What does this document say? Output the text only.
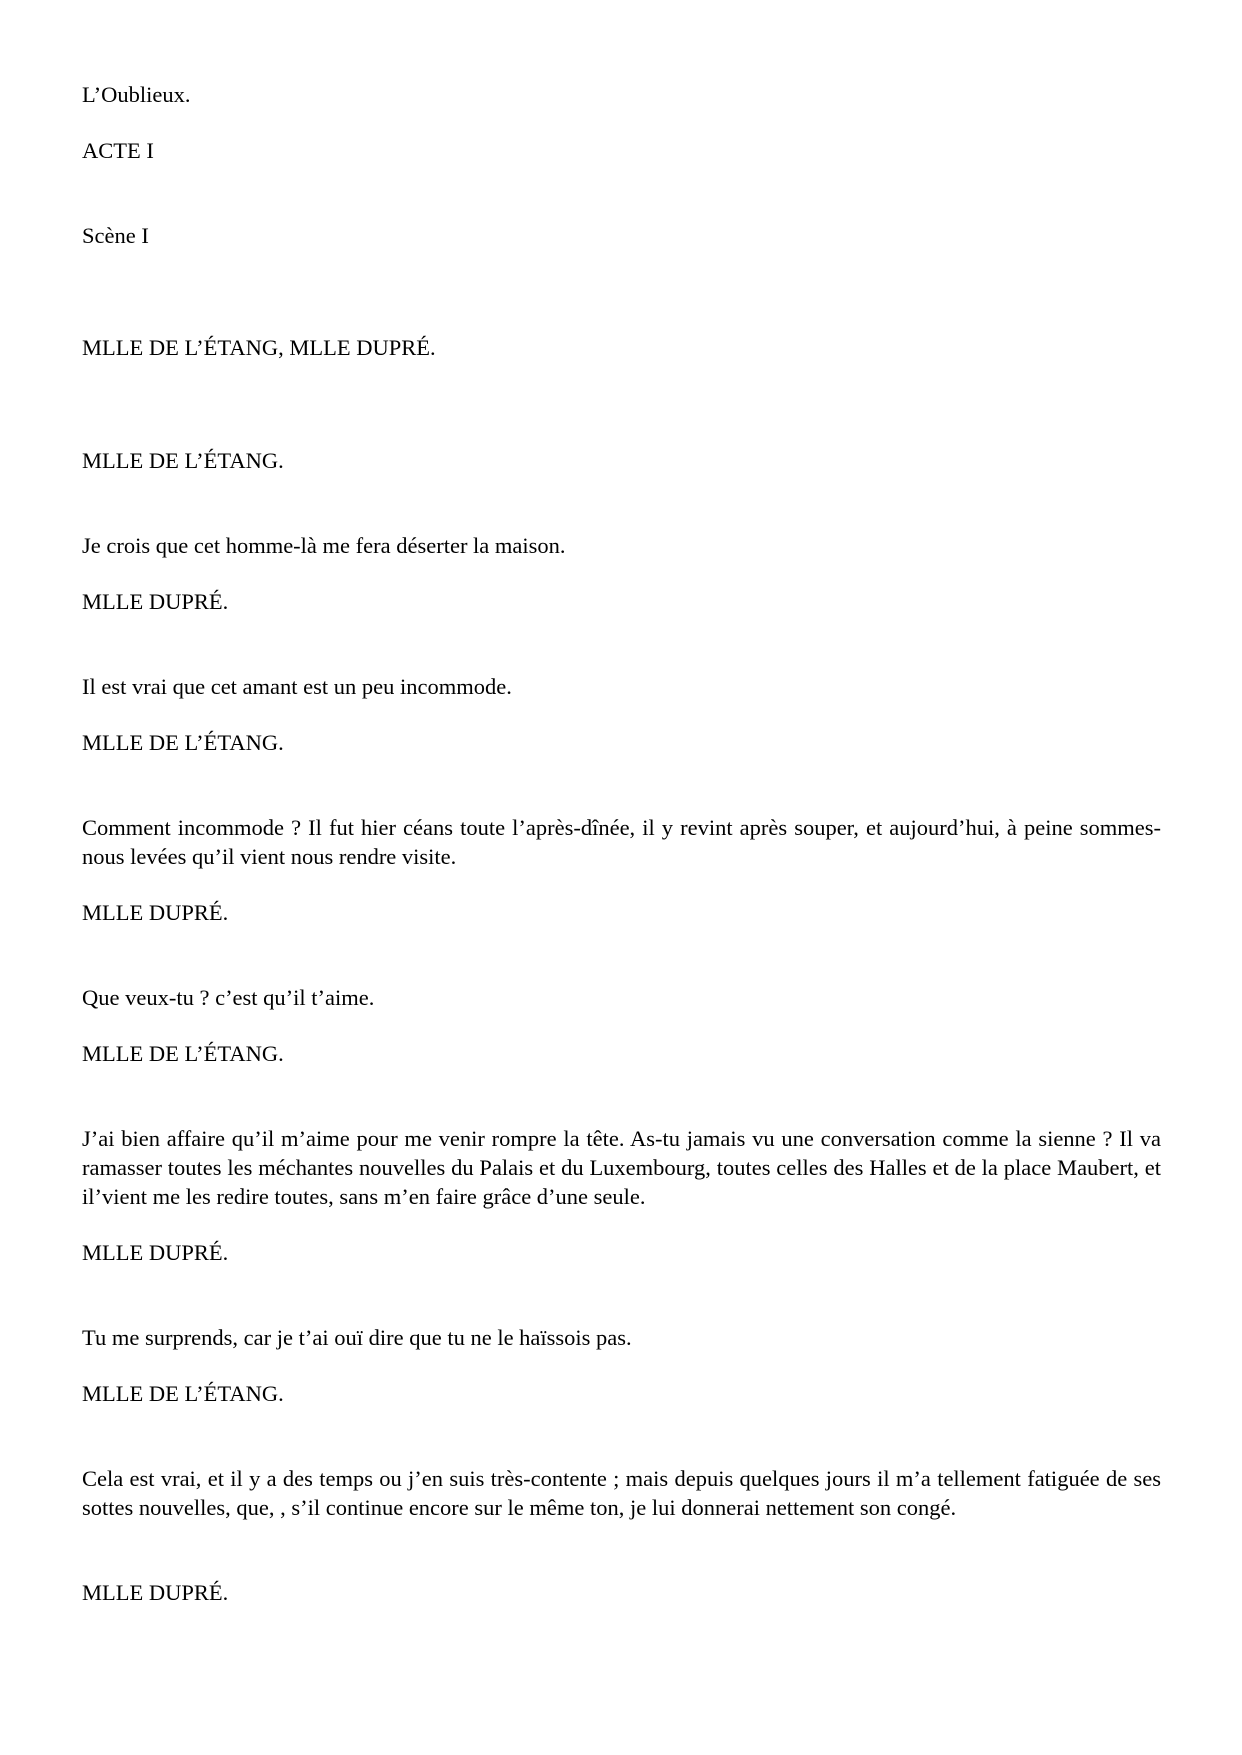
L’Oublieux.

ACTE I

Scène I

MLLE DE L’ÉTANG, MLLE DUPRÉ.

MLLE DE L’ÉTANG.

Je crois que cet homme-là me fera déserter la maison.

MLLE DUPRÉ.

Il est vrai que cet amant est un peu incommode.

MLLE DE L’ÉTANG.

Comment incommode ? Il fut hier céans toute l’après-dînée, il y revint après souper, et aujourd’hui, à peine sommes-nous levées qu’il vient nous rendre visite.

MLLE DUPRÉ.

Que veux-tu ? c’est qu’il t’aime.

MLLE DE L’ÉTANG.

J’ai bien affaire qu’il m’aime pour me venir rompre la tête. As-tu jamais vu une conversation comme la sienne ? Il va ramasser toutes les méchantes nouvelles du Palais et du Luxembourg, toutes celles des Halles et de la place Maubert, et il’vient me les redire toutes, sans m’en faire grâce d’une seule.

MLLE DUPRÉ.

Tu me surprends, car je t’ai ouï dire que tu ne le haïssois pas.

MLLE DE L’ÉTANG.

Cela est vrai, et il y a des temps ou j’en suis très-contente ; mais depuis quelques jours il m’a tellement fatiguée de ses sottes nouvelles, que, , s’il continue encore sur le même ton, je lui donnerai nettement son congé.

MLLE DUPRÉ.
